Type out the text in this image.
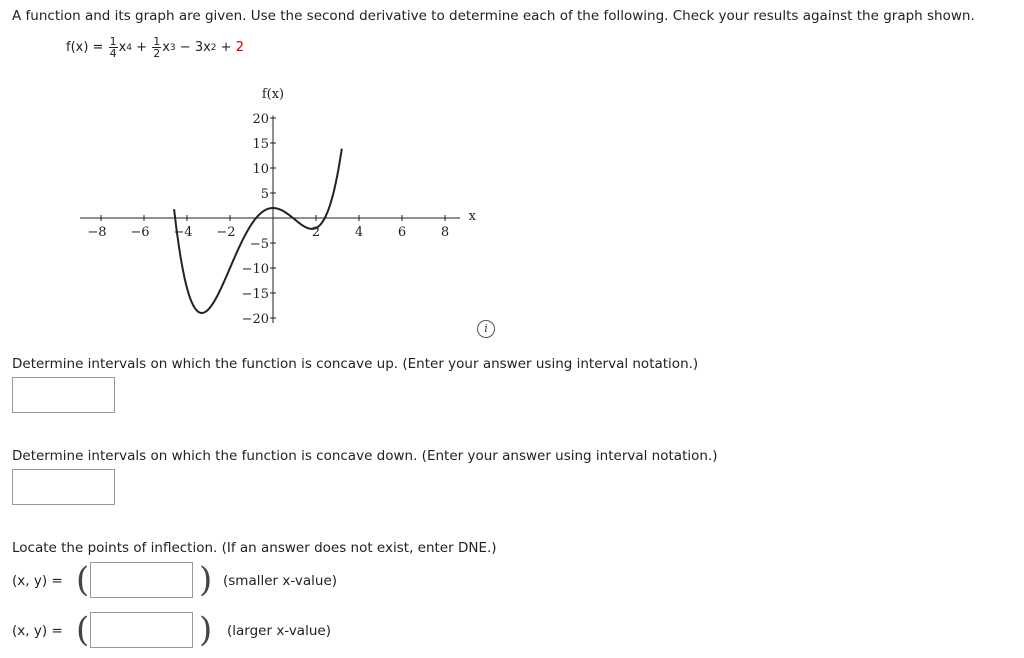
A function and its graph are given. Use the second derivative to determine each of the following. Check your results against the graph shown.
f(x) =
$\frac{1}{4}$ x 4
+
$\frac{1}{2}$ x 3
− 3x 2
+
2
−8 −6 −4 −2	2	4	6	8
20
15
10
5
−5
−10
−15
−20
f(x)
x
i
Determine intervals on which the function is concave up. (Enter your answer using interval notation.)
Determine intervals on which the function is concave down. (Enter your answer using interval notation.)
Locate the points of inflection. (If an answer does not exist, enter DNE.)
(x, y) = (	) (smaller x-value)
(x, y) = (	) (larger x-value)
